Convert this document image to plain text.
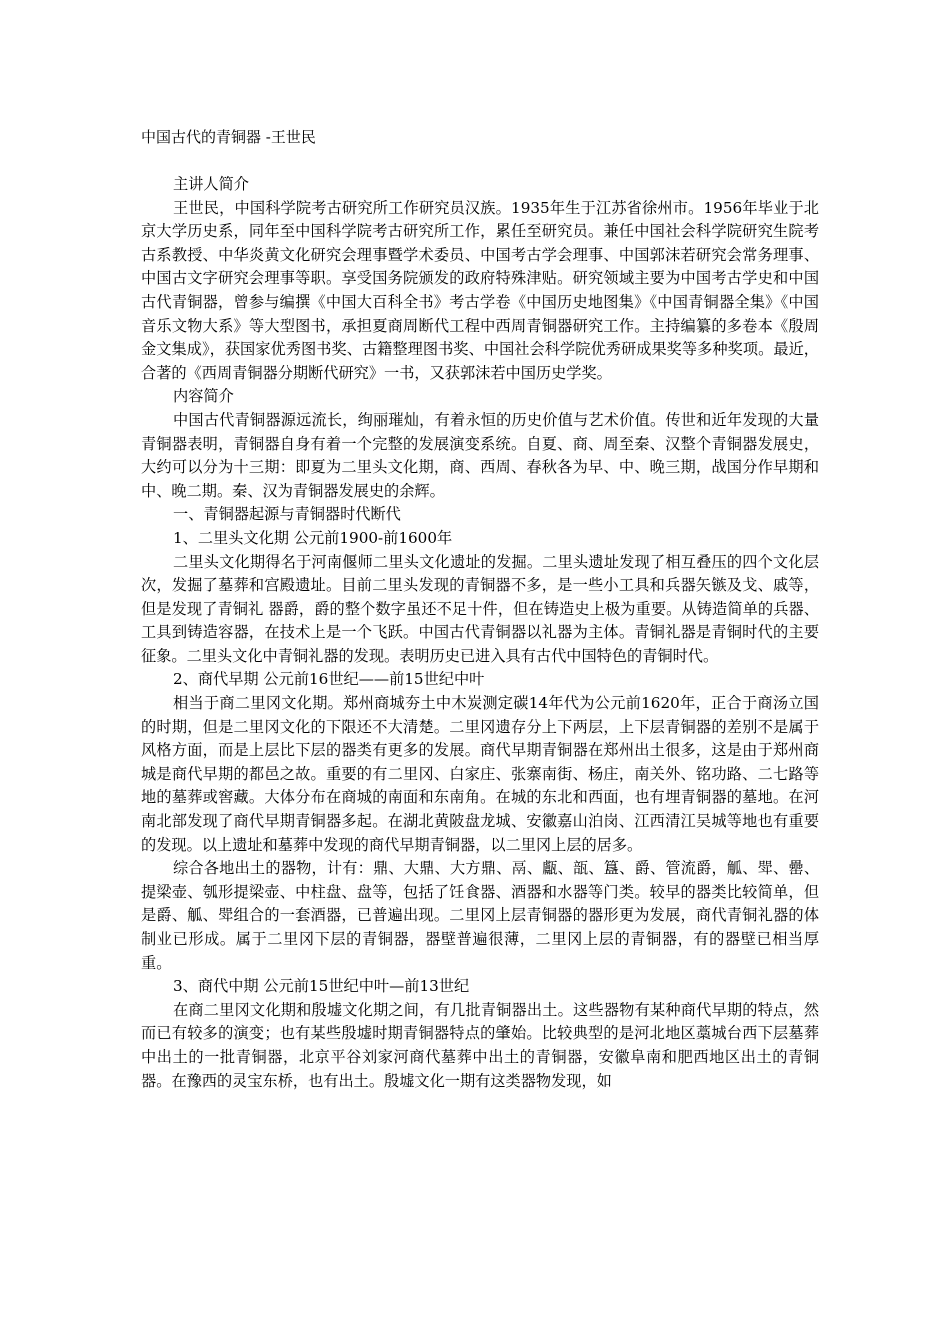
中国古代的青铜器 -王世民
主讲人简介

王世民，中国科学院考古研究所工作研究员汉族。1935年生于江苏省徐州市。1956年毕业于北京大学历史系，同年至中国科学院考古研究所工作，累任至研究员。兼任中国社会科学院研究生院考古系教授、中华炎黄文化研究会理事暨学术委员、中国考古学会理事、中国郭沫若研究会常务理事、中国古文字研究会理事等职。享受国务院颁发的政府特殊津贴。研究领域主要为中国考古学史和中国古代青铜器，曾参与编撰《中国大百科全书》考古学卷《中国历史地图集》《中国青铜器全集》《中国音乐文物大系》等大型图书，承担夏商周断代工程中西周青铜器研究工作。主持编纂的多卷本《殷周金文集成》，获国家优秀图书奖、古籍整理图书奖、中国社会科学院优秀研成果奖等多种奖项。最近，合著的《西周青铜器分期断代研究》一书，又获郭沫若中国历史学奖。

内容简介

中国古代青铜器源远流长，绚丽璀灿，有着永恒的历史价值与艺术价值。传世和近年发现的大量青铜器表明，青铜器自身有着一个完整的发展演变系统。自夏、商、周至秦、汉整个青铜器发展史，大约可以分为十三期：即夏为二里头文化期，商、西周、春秋各为早、中、晚三期，战国分作早期和中、晚二期。秦、汉为青铜器发展史的余辉。

一、青铜器起源与青铜器时代断代
1、二里头文化期 公元前1900-前1600年

二里头文化期得名于河南偃师二里头文化遗址的发掘。二里头遗址发现了相互叠压的四个文化层次，发掘了墓葬和宫殿遗址。目前二里头发现的青铜器不多，是一些小工具和兵器矢镞及戈、戚等，但是发现了青铜礼 器爵，爵的整个数字虽还不足十件，但在铸造史上极为重要。从铸造简单的兵器、工具到铸造容器，在技术上是一个飞跃。中国古代青铜器以礼器为主体。青铜礼器是青铜时代的主要征象。二里头文化中青铜礼器的发现。表明历史已进入具有古代中国特色的青铜时代。

2、商代早期 公元前16世纪——前15世纪中叶

相当于商二里冈文化期。郑州商城夯土中木炭测定碳14年代为公元前1620年，正合于商汤立国的时期，但是二里冈文化的下限还不大清楚。二里冈遗存分上下两层，上下层青铜器的差别不是属于风格方面，而是上层比下层的器类有更多的发展。商代早期青铜器在郑州出土很多，这是由于郑州商城是商代早期的都邑之故。重要的有二里冈、白家庄、张寨南街、杨庄，南关外、铭功路、二七路等地的墓葬或窖藏。大体分布在商城的南面和东南角。在城的东北和西面，也有埋青铜器的墓地。在河南北部发现了商代早期青铜器多起。在湖北黄陂盘龙城、安徽嘉山泊岗、江西清江吴城等地也有重要的发现。以上遗址和墓葬中发现的商代早期青铜器，以二里冈上层的居多。

综合各地出土的器物，计有：鼎、大鼎、大方鼎、鬲、甗、瓿、簋、爵、管流爵，觚、斝、罍、提梁壶、瓠形提梁壶、中柱盘、盘等，包括了饪食器、酒器和水器等门类。较早的器类比较简单，但是爵、觚、斝组合的一套酒器，已普遍出现。二里冈上层青铜器的器形更为发展，商代青铜礼器的体制业已形成。属于二里冈下层的青铜器，器壁普遍很薄，二里冈上层的青铜器，有的器壁已相当厚重。

3、商代中期 公元前15世纪中叶—前13世纪

在商二里冈文化期和殷墟文化期之间，有几批青铜器出土。这些器物有某种商代早期的特点，然而已有较多的演变；也有某些殷墟时期青铜器特点的肇始。比较典型的是河北地区藁城台西下层墓葬中出土的一批青铜器，北京平谷刘家河商代墓葬中出土的青铜器，安徽阜南和肥西地区出土的青铜器。在豫西的灵宝东桥，也有出土。殷墟文化一期有这类器物发现，如
